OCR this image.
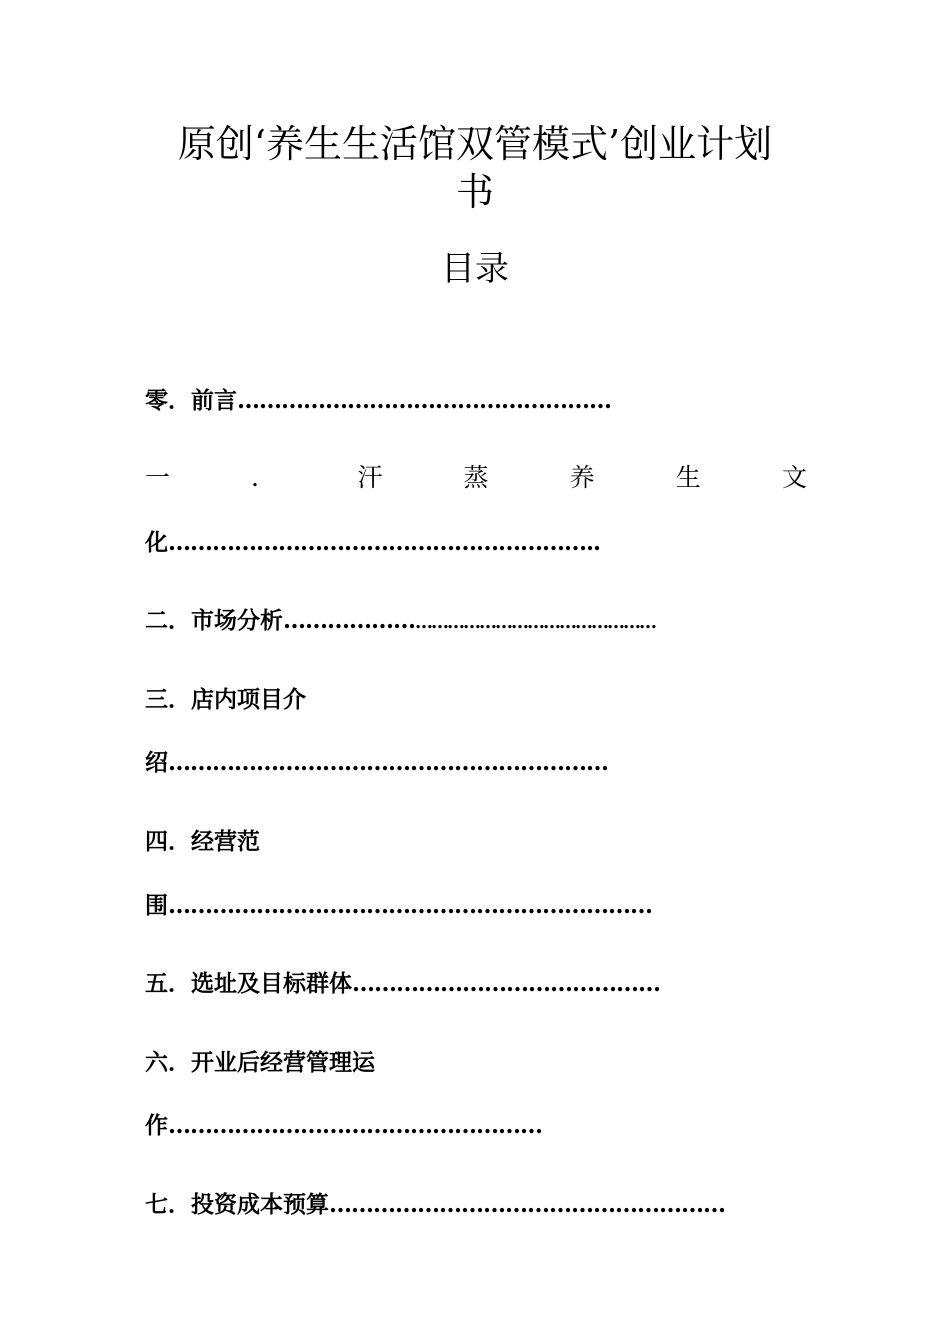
原创‘养生生活馆双管模式’创业计划
书
目录
零．前言……………………………………………
一	．	汗	蒸	养	生	文
化…………………………………………………..
二．市场分析………………………………………………………
三．店内项目介
绍……………………………………………………
四．经营范
围…………………………………………………………
五．选址及目标群体……………………………………
六．开业后经营管理运
作……………………………………………
七．投资成本预算………………………………………………
